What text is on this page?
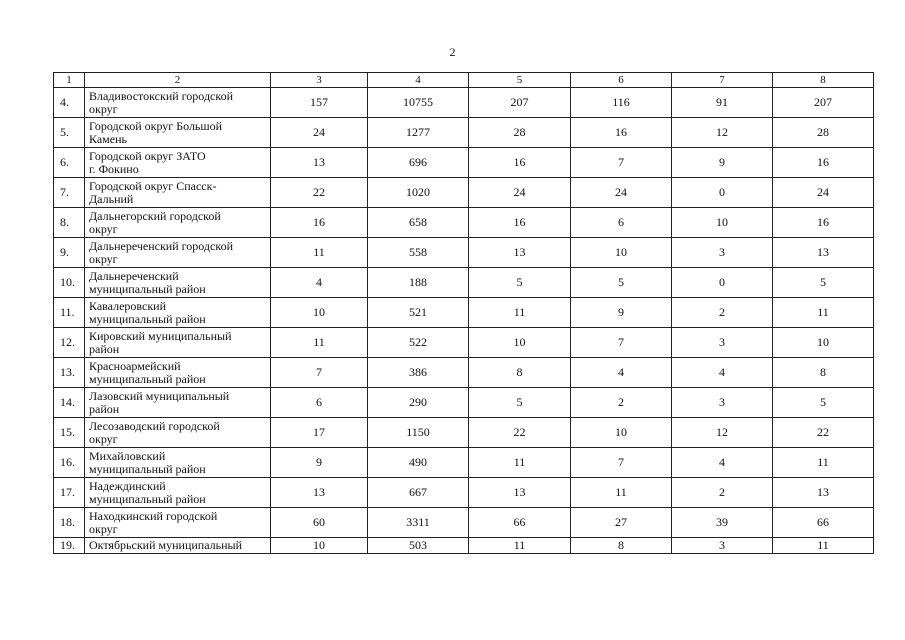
2
1	2	3	4	5	6	7	8
4.	Владивостокский городской
округ	157	10755	207	116	91	207
5.	Городской округ Большой
Камень	24	1277	28	16	12	28
6.	Городской округ ЗАТО
г. Фокино	13	696	16	7	9	16
7.	Городской округ Спасск-
Дальний	22	1020	24	24	0	24
8.	Дальнегорский городской
округ	16	658	16	6	10	16
9.	Дальнереченский городской
округ	11	558	13	10	3	13
10.	Дальнереченский
муниципальный район	4	188	5	5	0	5
11.	Кавалеровский
муниципальный район	10	521	11	9	2	11
12.	Кировский муниципальный
район	11	522	10	7	3	10
13.	Красноармейский
муниципальный район	7	386	8	4	4	8
14.	Лазовский муниципальный
район	6	290	5	2	3	5
15.	Лесозаводский городской
округ	17	1150	22	10	12	22
16.	Михайловский
муниципальный район	9	490	11	7	4	11
17.	Надеждинский
муниципальный район	13	667	13	11	2	13
18.	Находкинский городской
округ	60	3311	66	27	39	66
19.	Октябрьский муниципальный	10	503	11	8	3	11
